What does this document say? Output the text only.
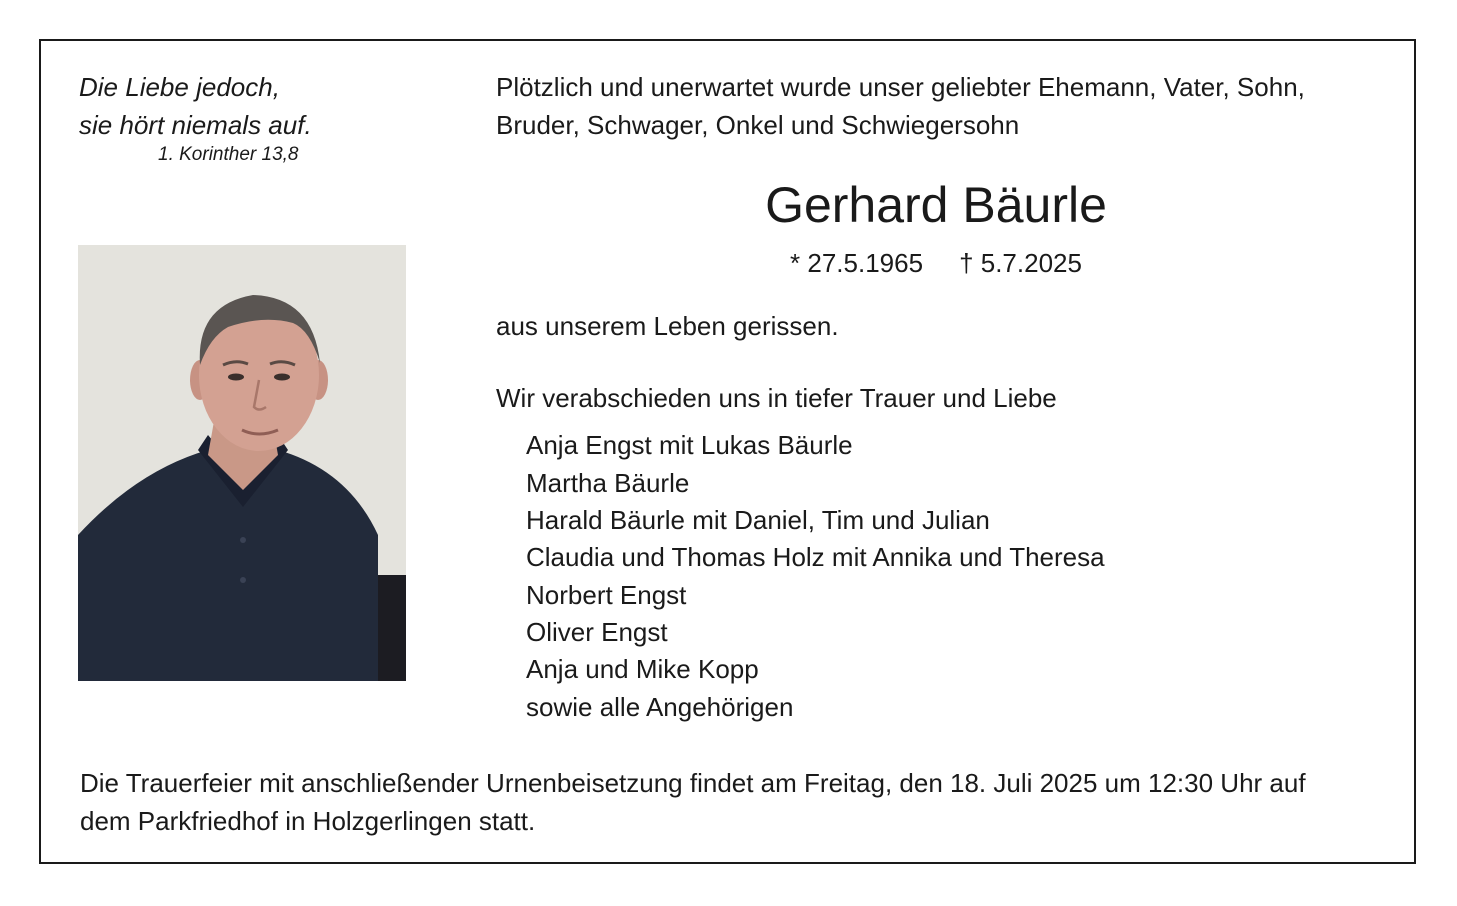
Die Liebe jedoch,
sie hört niemals auf.
1. Korinther 13,8
Plötzlich und unerwartet wurde unser geliebter Ehemann, Vater, Sohn,
Bruder, Schwager, Onkel und Schwiegersohn
Gerhard Bäurle
* 27.5.1965 † 5.7.2025
aus unserem Leben gerissen.
Wir verabschieden uns in tiefer Trauer und Liebe
Anja Engst mit Lukas Bäurle
Martha Bäurle
Harald Bäurle mit Daniel, Tim und Julian
Claudia und Thomas Holz mit Annika und Theresa
Norbert Engst
Oliver Engst
Anja und Mike Kopp
sowie alle Angehörigen
Die Trauerfeier mit anschließender Urnenbeisetzung findet am Freitag, den 18. Juli 2025 um 12:30 Uhr auf
dem Parkfriedhof in Holzgerlingen statt.
